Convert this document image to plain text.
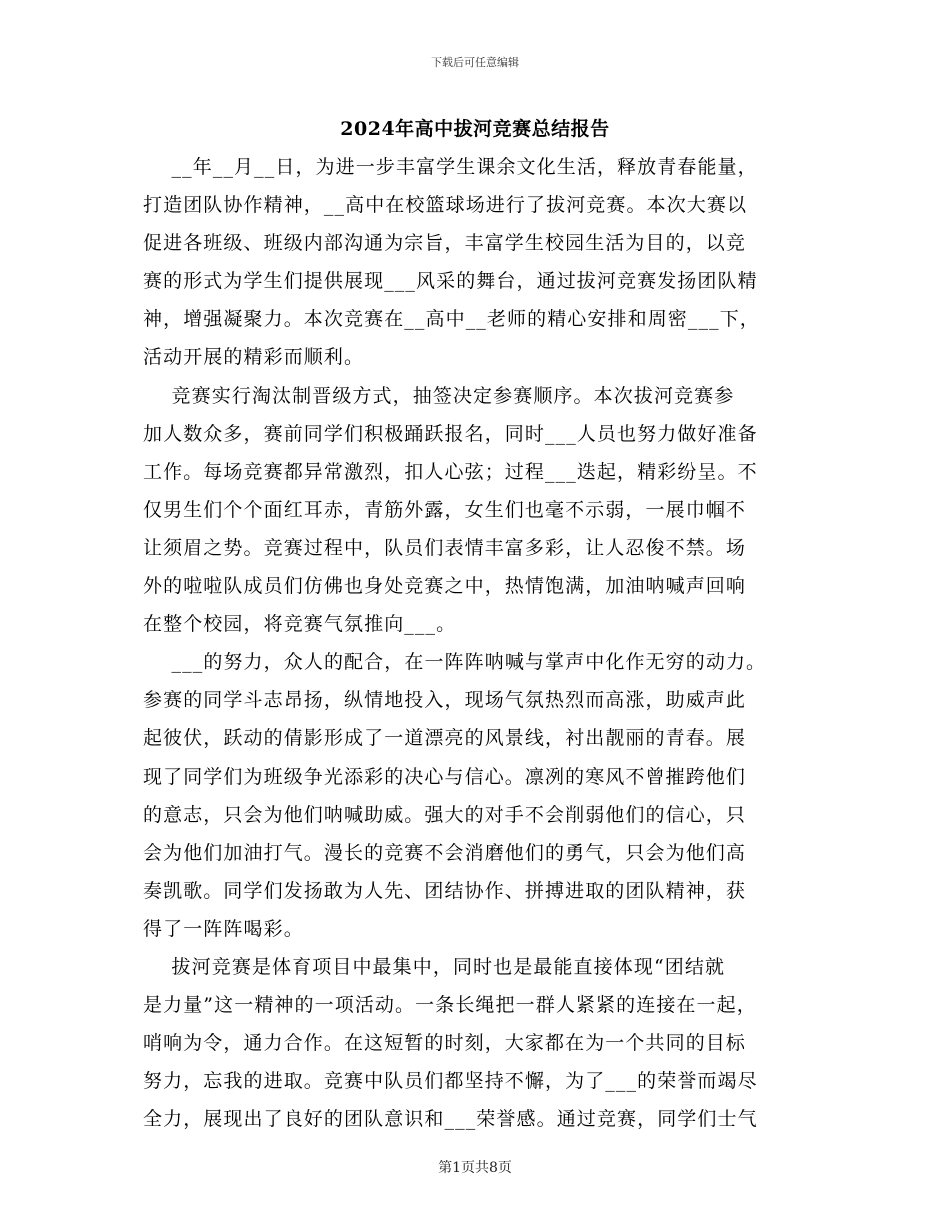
下载后可任意编辑
2024年高中拔河竞赛总结报告
__年__月__日，为进一步丰富学生课余文化生活，释放青春能量，
打造团队协作精神，__高中在校篮球场进行了拔河竞赛。本次大赛以
促进各班级、班级内部沟通为宗旨，丰富学生校园生活为目的，以竞
赛的形式为学生们提供展现___风采的舞台，通过拔河竞赛发扬团队精
神，增强凝聚力。本次竞赛在__高中__老师的精心安排和周密___下，
活动开展的精彩而顺利。
竞赛实行淘汰制晋级方式，抽签决定参赛顺序。本次拔河竞赛参
加人数众多，赛前同学们积极踊跃报名，同时___人员也努力做好准备
工作。每场竞赛都异常激烈，扣人心弦；过程___迭起，精彩纷呈。不
仅男生们个个面红耳赤，青筋外露，女生们也毫不示弱，一展巾帼不
让须眉之势。竞赛过程中，队员们表情丰富多彩，让人忍俊不禁。场
外的啦啦队成员们仿佛也身处竞赛之中，热情饱满，加油呐喊声回响
在整个校园，将竞赛气氛推向___。
___的努力，众人的配合，在一阵阵呐喊与掌声中化作无穷的动力。
参赛的同学斗志昂扬，纵情地投入，现场气氛热烈而高涨，助威声此
起彼伏，跃动的倩影形成了一道漂亮的风景线，衬出靓丽的青春。展
现了同学们为班级争光添彩的决心与信心。凛冽的寒风不曾摧跨他们
的意志，只会为他们呐喊助威。强大的对手不会削弱他们的信心，只
会为他们加油打气。漫长的竞赛不会消磨他们的勇气，只会为他们高
奏凯歌。同学们发扬敢为人先、团结协作、拼搏进取的团队精神，获
得了一阵阵喝彩。
拔河竞赛是体育项目中最集中，同时也是最能直接体现“团结就
是力量”这一精神的一项活动。一条长绳把一群人紧紧的连接在一起，
哨响为令，通力合作。在这短暂的时刻，大家都在为一个共同的目标
努力，忘我的进取。竞赛中队员们都坚持不懈，为了___的荣誉而竭尽
全力，展现出了良好的团队意识和___荣誉感。通过竞赛，同学们士气
第1页共8页
